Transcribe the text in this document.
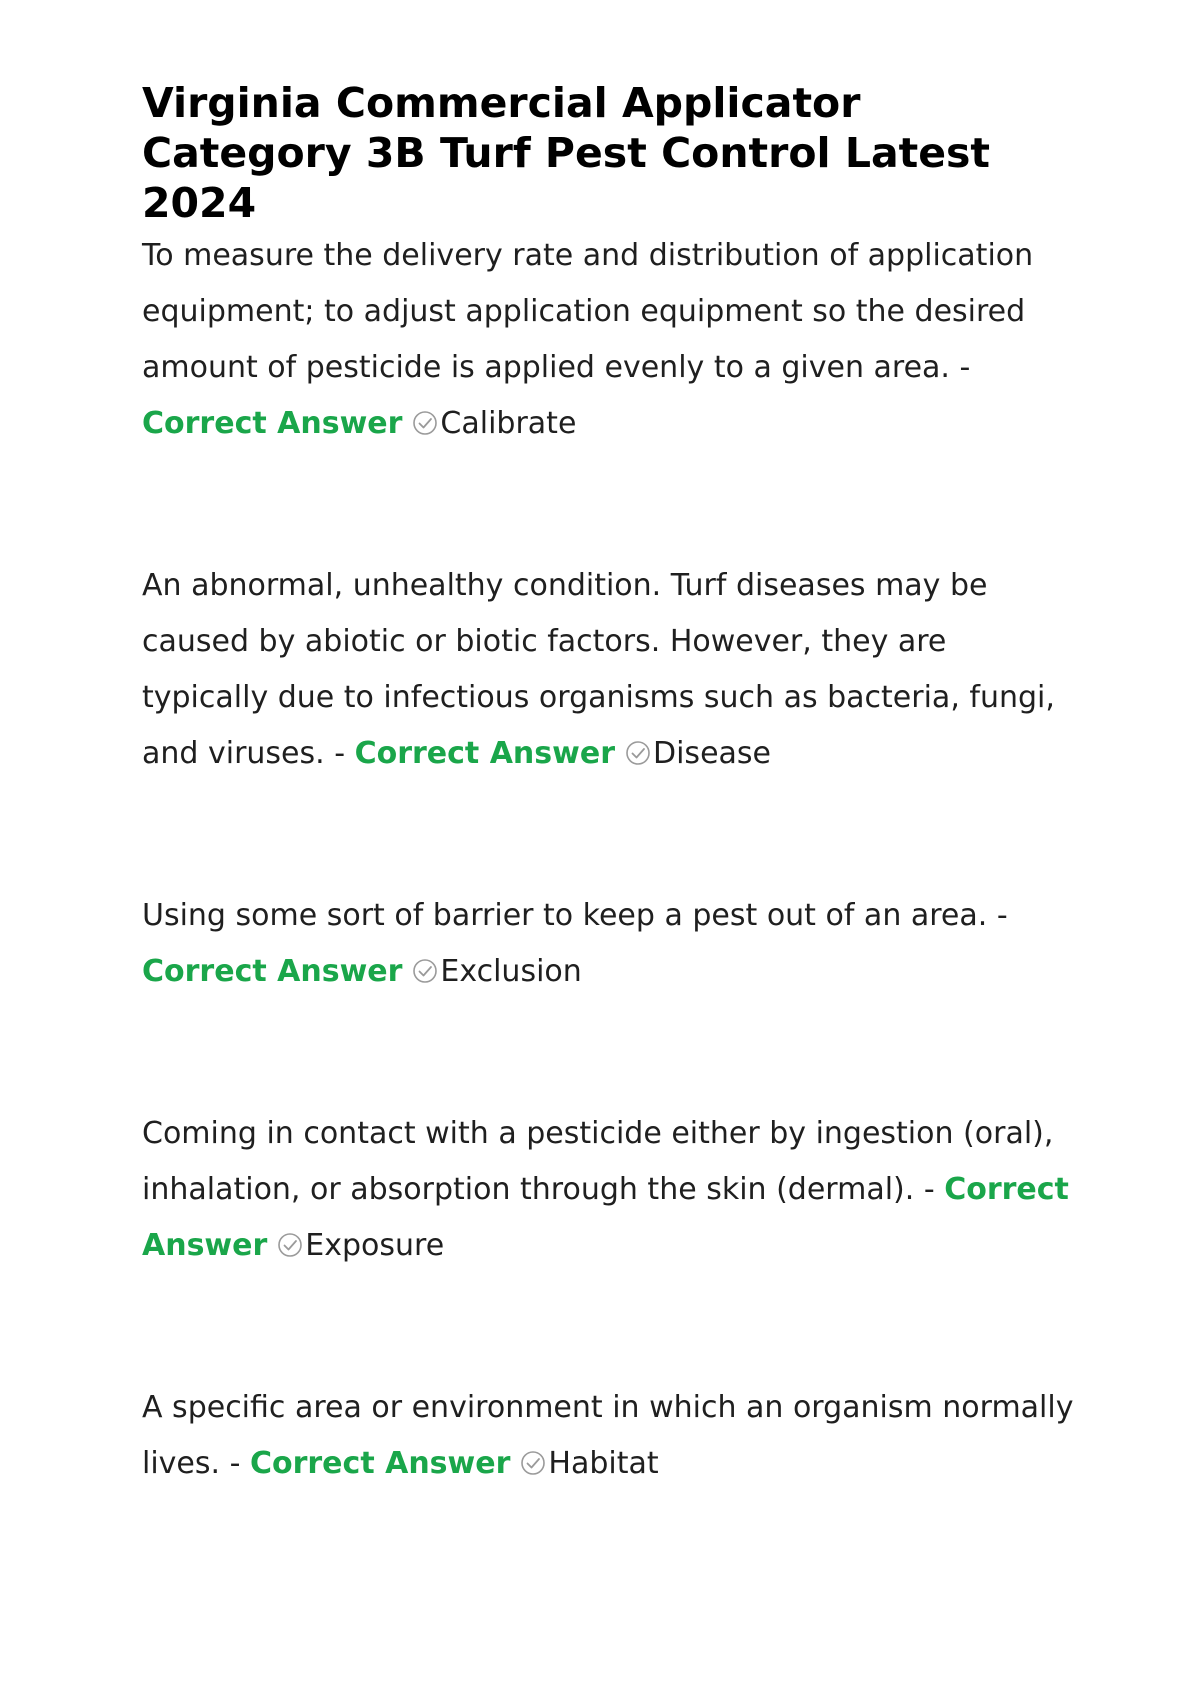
Virginia Commercial Applicator Category 3B Turf Pest Control Latest 2024

To measure the delivery rate and distribution of application equipment; to adjust application equipment so the desired amount of pesticide is applied evenly to a given area. - Correct Answer Calibrate

An abnormal, unhealthy condition. Turf diseases may be caused by abiotic or biotic factors. However, they are typically due to infectious organisms such as bacteria, fungi, and viruses. - Correct Answer Disease

Using some sort of barrier to keep a pest out of an area. - Correct Answer Exclusion

Coming in contact with a pesticide either by ingestion (oral), inhalation, or absorption through the skin (dermal). - Correct Answer Exposure

A specific area or environment in which an organism normally lives. - Correct Answer Habitat
